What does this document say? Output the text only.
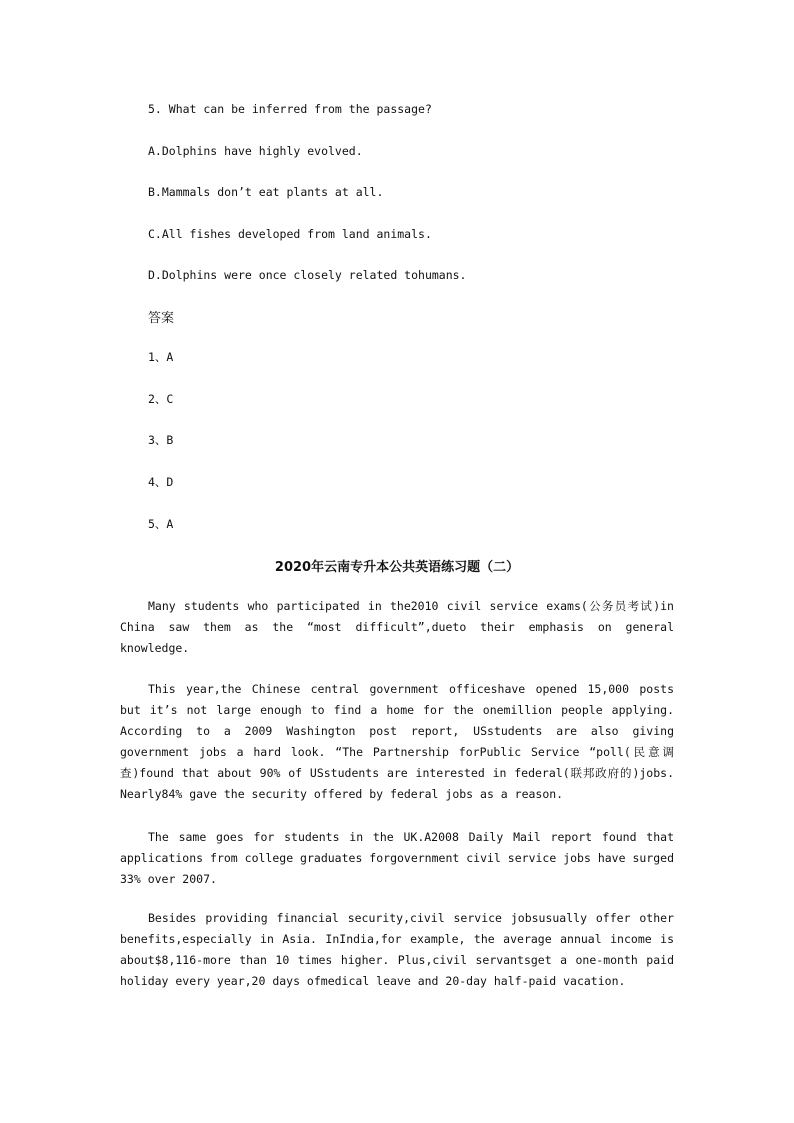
5. What can be inferred from the passage?
A.Dolphins have highly evolved.
B.Mammals don’t eat plants at all.
C.All fishes developed from land animals.
D.Dolphins were once closely related tohumans.
答案
1、A
2、C
3、B
4、D
5、A
2020年云南专升本公共英语练习题（二）

Many students who participated in the2010 civil service exams(公务员考试)in China saw them as the “most difficult”,dueto their emphasis on general knowledge.

This year,the Chinese central government officeshave opened 15,000 posts but it’s not large enough to find a home for the onemillion people applying. According to a 2009 Washington post report, USstudents are also giving government jobs a hard look. “The Partnership forPublic Service “poll(民意调查)found that about 90% of USstudents are interested in federal(联邦政府的)jobs. Nearly84% gave the security offered by federal jobs as a reason.

The same goes for students in the UK.A2008 Daily Mail report found that applications from college graduates forgovernment civil service jobs have surged 33% over 2007.

Besides providing financial security,civil service jobsusually offer other benefits,especially in Asia. InIndia,for example, the average annual income is about$8,116-more than 10 times higher. Plus,civil servantsget a one-month paid holiday every year,20 days ofmedical leave and 20-day half-paid vacation.
